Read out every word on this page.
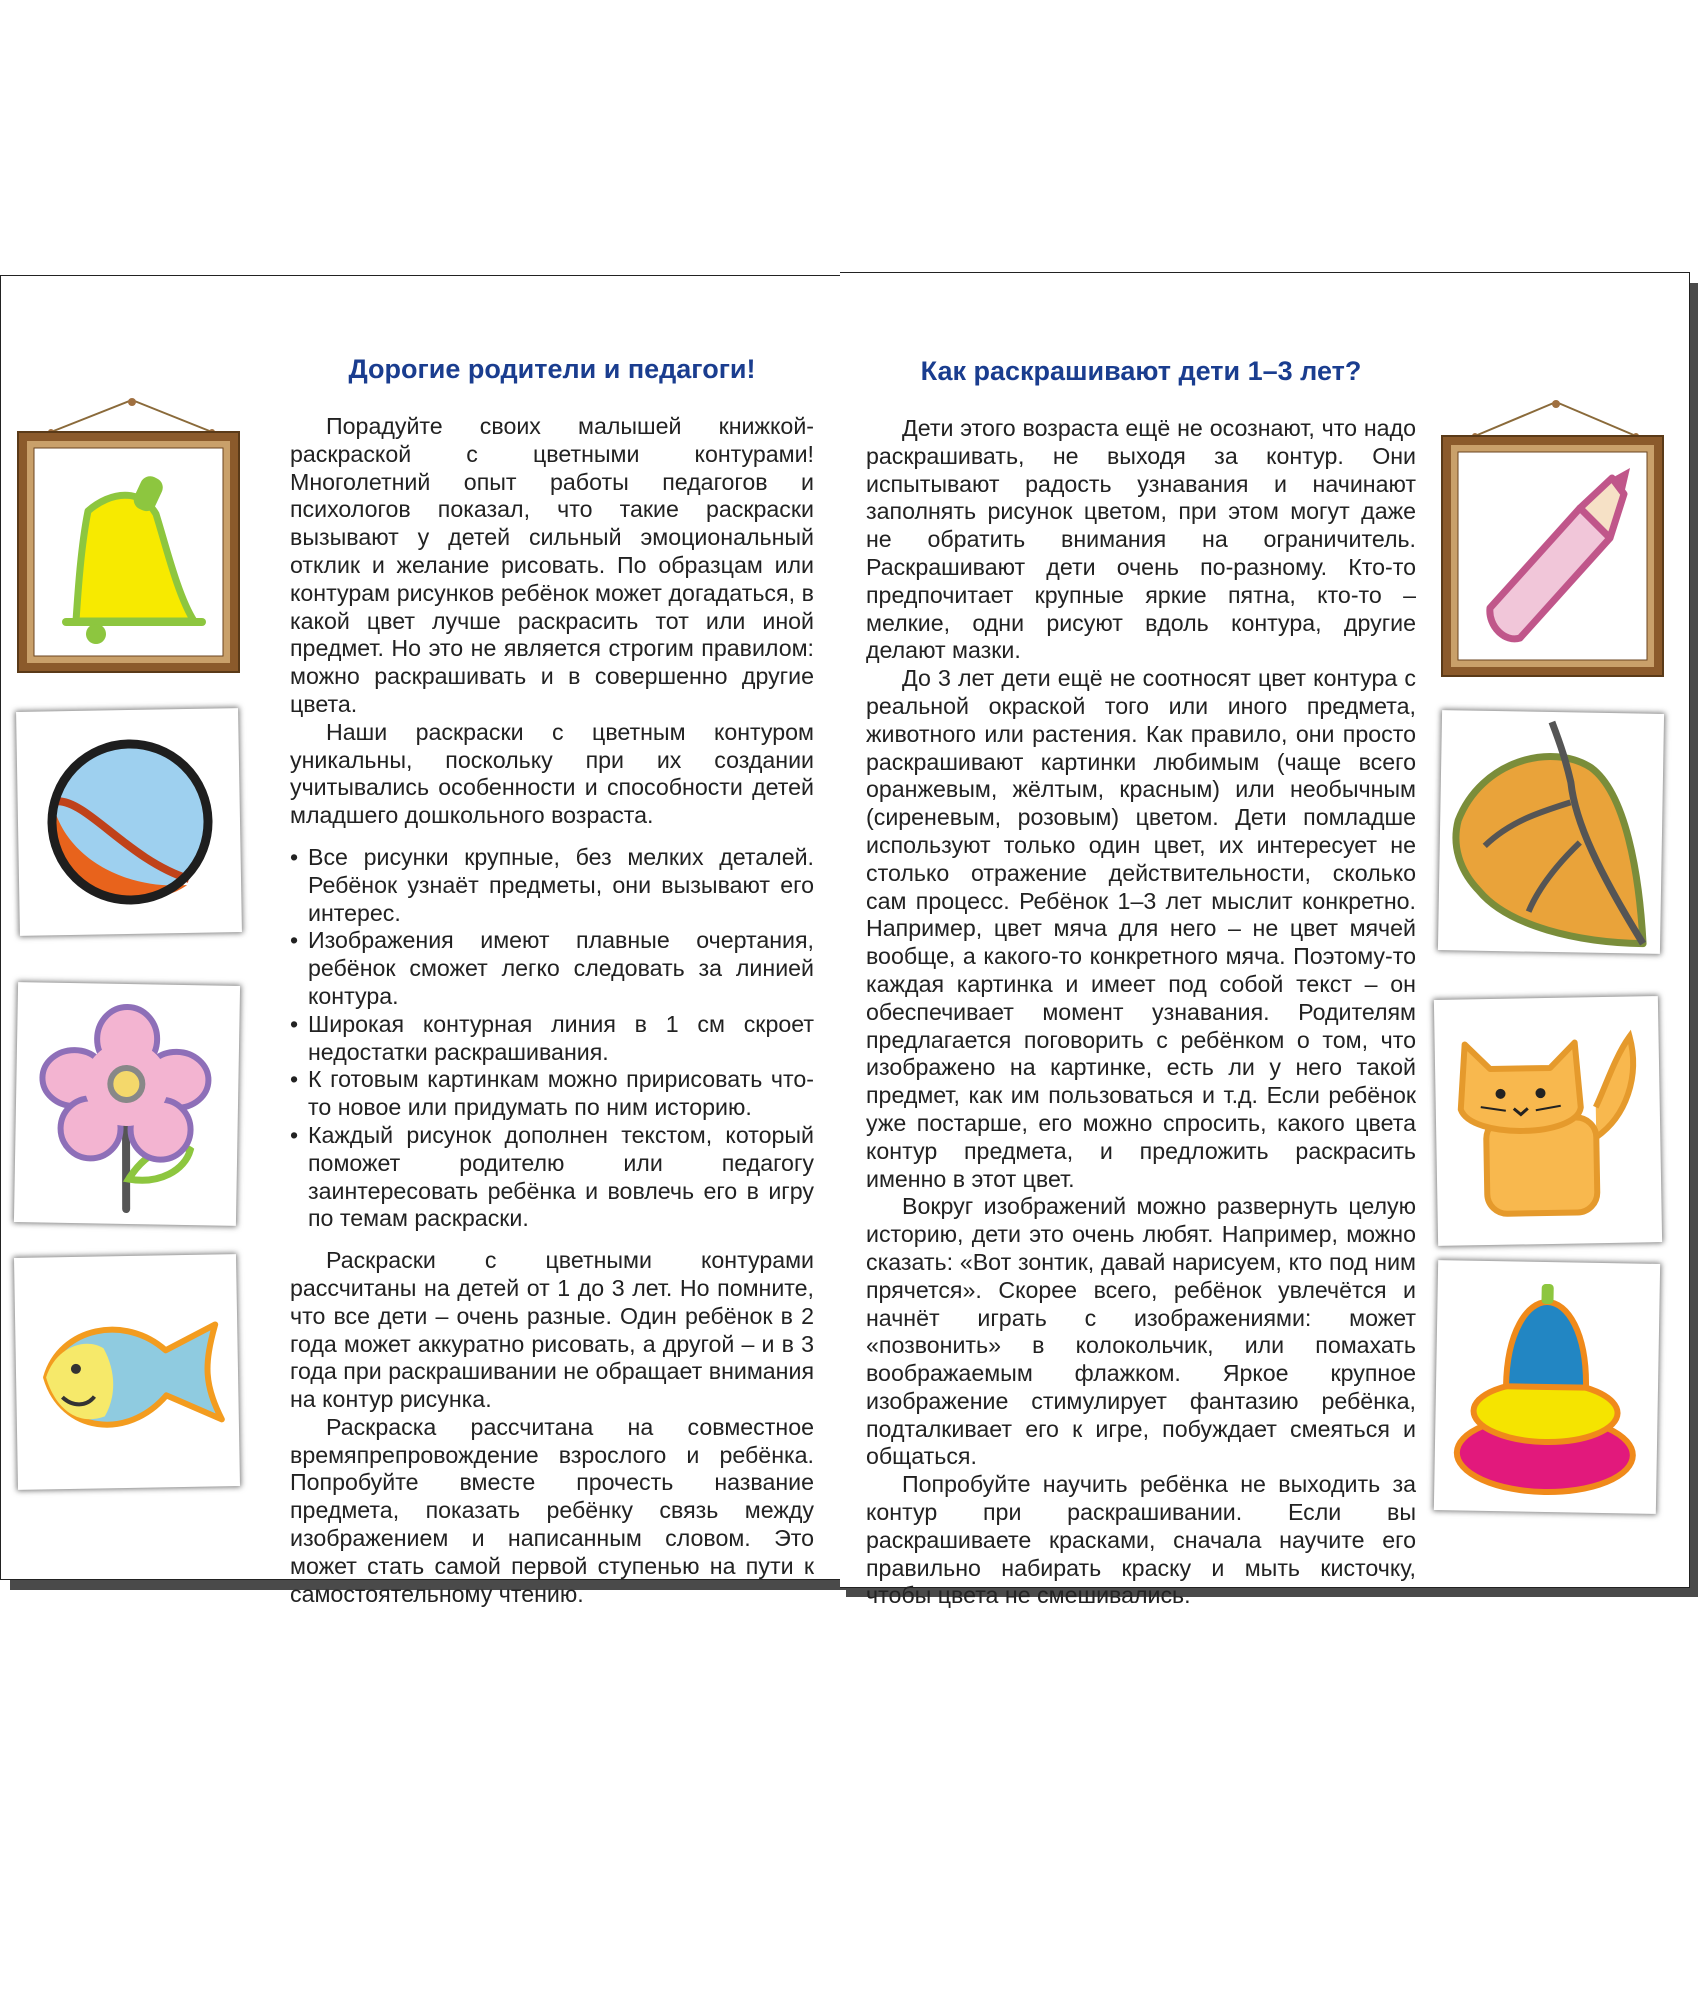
Дорогие родители и педагоги!

Порадуйте своих малышей книжкой-раскраской с цветными контурами! Многолетний опыт работы педагогов и психологов показал, что такие раскраски вызывают у детей сильный эмоциональный отклик и желание рисовать. По образцам или контурам рисунков ребёнок может догадаться, в какой цвет лучше раскрасить тот или иной предмет. Но это не является строгим правилом: можно раскрашивать и в совершенно другие цвета.

Наши раскраски с цветным контуром уникальны, поскольку при их создании учитывались особенности и способности детей младшего дошкольного возраста.

• Все рисунки крупные, без мелких деталей. Ребёнок узнаёт предметы, они вызывают его интерес.
• Изображения имеют плавные очертания, ребёнок сможет легко следовать за линией контура.
• Широкая контурная линия в 1 см скроет недостатки раскрашивания.
• К готовым картинкам можно пририсовать что-то новое или придумать по ним историю.
• Каждый рисунок дополнен текстом, который поможет родителю или педагогу заинтересовать ребёнка и вовлечь его в игру по темам раскраски.

Раскраски с цветными контурами рассчитаны на детей от 1 до 3 лет. Но помните, что все дети – очень разные. Один ребёнок в 2 года может аккуратно рисовать, а другой – и в 3 года при раскрашивании не обращает внимания на контур рисунка.

Раскраска рассчитана на совместное времяпрепровождение взрослого и ребёнка. Попробуйте вместе прочесть название предмета, показать ребёнку связь между изображением и написанным словом. Это может стать самой первой ступенью на пути к самостоятельному чтению.

Как раскрашивают дети 1–3 лет?

Дети этого возраста ещё не осознают, что надо раскрашивать, не выходя за контур. Они испытывают радость узнавания и начинают заполнять рисунок цветом, при этом могут даже не обратить внимания на ограничитель. Раскрашивают дети очень по-разному. Кто-то предпочитает крупные яркие пятна, кто-то – мелкие, одни рисуют вдоль контура, другие делают мазки.

До 3 лет дети ещё не соотносят цвет контура с реальной окраской того или иного предмета, животного или растения. Как правило, они просто раскрашивают картинки любимым (чаще всего оранжевым, жёлтым, красным) или необычным (сиреневым, розовым) цветом. Дети помладше используют только один цвет, их интересует не столько отражение действительности, сколько сам процесс. Ребёнок 1–3 лет мыслит конкретно. Например, цвет мяча для него – не цвет мячей вообще, а какого-то конкретного мяча. Поэтому-то каждая картинка и имеет под собой текст – он обеспечивает момент узнавания. Родителям предлагается поговорить с ребёнком о том, что изображено на картинке, есть ли у него такой предмет, как им пользоваться и т.д. Если ребёнок уже постарше, его можно спросить, какого цвета контур предмета, и предложить раскрасить именно в этот цвет.

Вокруг изображений можно развернуть целую историю, дети это очень любят. Например, можно сказать: «Вот зонтик, давай нарисуем, кто под ним прячется». Скорее всего, ребёнок увлечётся и начнёт играть с изображениями: может «позвонить» в колокольчик, или помахать воображаемым флажком. Яркое крупное изображение стимулирует фантазию ребёнка, подталкивает его к игре, побуждает смеяться и общаться.

Попробуйте научить ребёнка не выходить за контур при раскрашивании. Если вы раскрашиваете красками, сначала научите его правильно набирать краску и мыть кисточку, чтобы цвета не смешивались.
